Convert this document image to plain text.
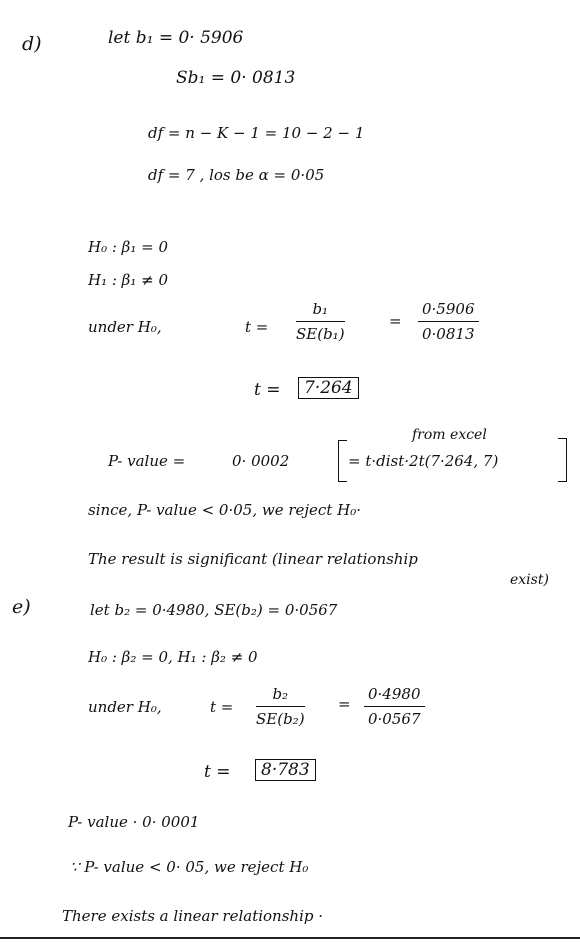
d)	let b₁ = 0· 5906
Sb₁ = 0· 0813
df = n − K − 1 = 10 − 2 − 1
df = 7 , los be α = 0·05
H₀ : β₁ = 0
H₁ : β₁ ≠ 0
under H₀,	$t = \frac{\text{b₁}}{\text{SE(b₁)}}$	= $\frac{0\cdot 5906}{0\cdot 0813}$
t =	7·264
from excel
P- value =	0· 0002	= t·dist·2t(7·264, 7)
since, P- value < 0·05, we reject H₀·
The result is significant (linear relationship
exist)
e)	let b₂ = 0·4980, SE(b₂) = 0·0567
H₀ : β₂ = 0, H₁ : β₂ ≠ 0
under H₀,	$t = \frac{\text{b₂}}{\text{SE(b₂)}} = \frac{0\cdot 4980}{0\cdot 0567}$
t =	8·783
P- value · 0· 0001
∵ P- value < 0· 05, we reject H₀
There exists a linear relationship ·
